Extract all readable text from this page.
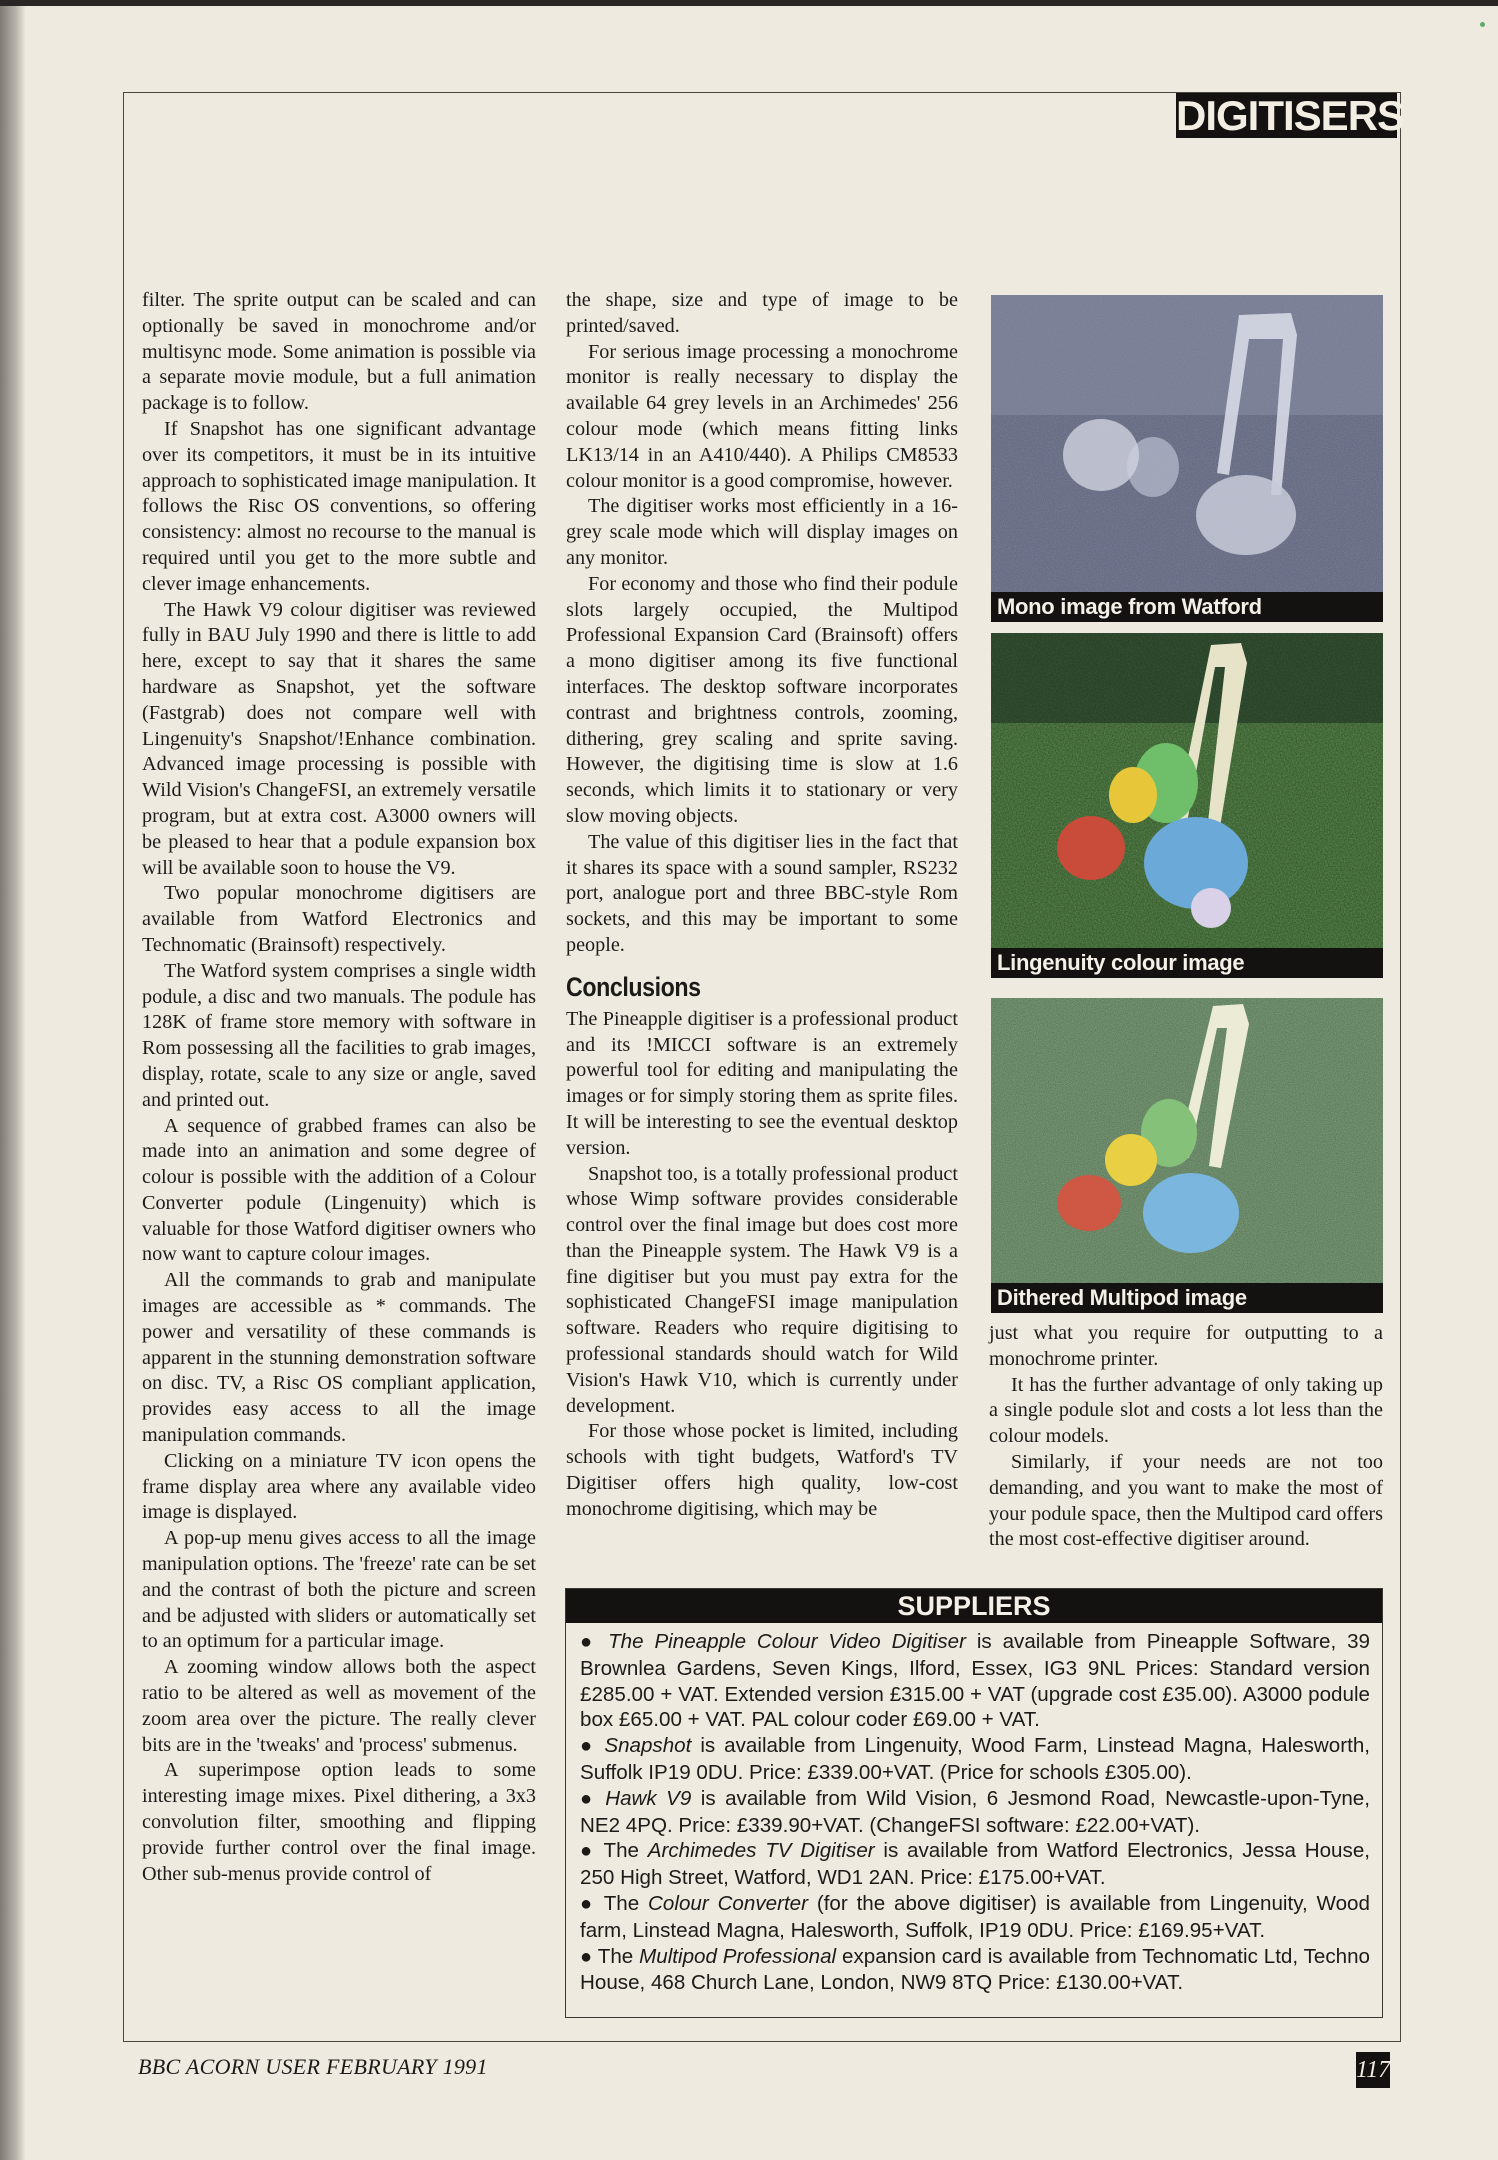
DIGITISERS

filter. The sprite output can be scaled and can optionally be saved in monochrome and/or multisync mode. Some animation is possible via a separate movie module, but a full animation package is to follow.

If Snapshot has one significant advantage over its competitors, it must be in its intuitive approach to sophisticated image manipulation. It follows the Risc OS conventions, so offering consistency: almost no recourse to the manual is required until you get to the more subtle and clever image enhancements.

The Hawk V9 colour digitiser was reviewed fully in BAU July 1990 and there is little to add here, except to say that it shares the same hardware as Snapshot, yet the software (Fastgrab) does not compare well with Lingenuity's Snapshot/!Enhance combination. Advanced image processing is possible with Wild Vision's ChangeFSI, an extremely versatile program, but at extra cost. A3000 owners will be pleased to hear that a podule expansion box will be available soon to house the V9.

Two popular monochrome digitisers are available from Watford Electronics and Technomatic (Brainsoft) respectively.

The Watford system comprises a single width podule, a disc and two manuals. The podule has 128K of frame store memory with software in Rom possessing all the facilities to grab images, display, rotate, scale to any size or angle, saved and printed out.

A sequence of grabbed frames can also be made into an animation and some degree of colour is possible with the addition of a Colour Converter podule (Lingenuity) which is valuable for those Watford digitiser owners who now want to capture colour images.

All the commands to grab and manipulate images are accessible as * commands. The power and versatility of these commands is apparent in the stunning demonstration software on disc. TV, a Risc OS compliant application, provides easy access to all the image manipulation commands.

Clicking on a miniature TV icon opens the frame display area where any available video image is displayed.

A pop-up menu gives access to all the image manipulation options. The 'freeze' rate can be set and the contrast of both the picture and screen and be adjusted with sliders or automatically set to an optimum for a particular image.

A zooming window allows both the aspect ratio to be altered as well as movement of the zoom area over the picture. The really clever bits are in the 'tweaks' and 'process' submenus.

A superimpose option leads to some interesting image mixes. Pixel dithering, a 3x3 convolution filter, smoothing and flipping provide further control over the final image. Other sub-menus provide control of

the shape, size and type of image to be printed/saved.

For serious image processing a monochrome monitor is really necessary to display the available 64 grey levels in an Archimedes' 256 colour mode (which means fitting links LK13/14 in an A410/440). A Philips CM8533 colour monitor is a good compromise, however.

The digitiser works most efficiently in a 16-grey scale mode which will display images on any monitor.

For economy and those who find their podule slots largely occupied, the Multipod Professional Expansion Card (Brainsoft) offers a mono digitiser among its five functional interfaces. The desktop software incorporates contrast and brightness controls, zooming, dithering, grey scaling and sprite saving. However, the digitising time is slow at 1.6 seconds, which limits it to stationary or very slow moving objects.

The value of this digitiser lies in the fact that it shares its space with a sound sampler, RS232 port, analogue port and three BBC-style Rom sockets, and this may be important to some people.

Conclusions

The Pineapple digitiser is a professional product and its !MICCI software is an extremely powerful tool for editing and manipulating the images or for simply storing them as sprite files. It will be interesting to see the eventual desktop version.

Snapshot too, is a totally professional product whose Wimp software provides considerable control over the final image but does cost more than the Pineapple system. The Hawk V9 is a fine digitiser but you must pay extra for the sophisticated ChangeFSI image manipulation software. Readers who require digitising to professional standards should watch for Wild Vision's Hawk V10, which is currently under development.

For those whose pocket is limited, including schools with tight budgets, Watford's TV Digitiser offers high quality, low-cost monochrome digitising, which may be

Mono image from Watford
Lingenuity colour image
Dithered Multipod image

just what you require for outputting to a monochrome printer.

It has the further advantage of only taking up a single podule slot and costs a lot less than the colour models.

Similarly, if your needs are not too demanding, and you want to make the most of your podule space, then the Multipod card offers the most cost-effective digitiser around.

SUPPLIERS

● The Pineapple Colour Video Digitiser is available from Pineapple Software, 39 Brownlea Gardens, Seven Kings, Ilford, Essex, IG3 9NL Prices: Standard version £285.00 + VAT. Extended version £315.00 + VAT (upgrade cost £35.00). A3000 podule box £65.00 + VAT. PAL colour coder £69.00 + VAT.

● Snapshot is available from Lingenuity, Wood Farm, Linstead Magna, Halesworth, Suffolk IP19 0DU. Price: £339.00+VAT. (Price for schools £305.00).

● Hawk V9 is available from Wild Vision, 6 Jesmond Road, Newcastle-upon-Tyne, NE2 4PQ. Price: £339.90+VAT. (ChangeFSI software: £22.00+VAT).

● The Archimedes TV Digitiser is available from Watford Electronics, Jessa House, 250 High Street, Watford, WD1 2AN. Price: £175.00+VAT.

● The Colour Converter (for the above digitiser) is available from Lingenuity, Wood farm, Linstead Magna, Halesworth, Suffolk, IP19 0DU. Price: £169.95+VAT.

● The Multipod Professional expansion card is available from Technomatic Ltd, Techno House, 468 Church Lane, London, NW9 8TQ Price: £130.00+VAT.

BBC ACORN USER FEBRUARY 1991	117
